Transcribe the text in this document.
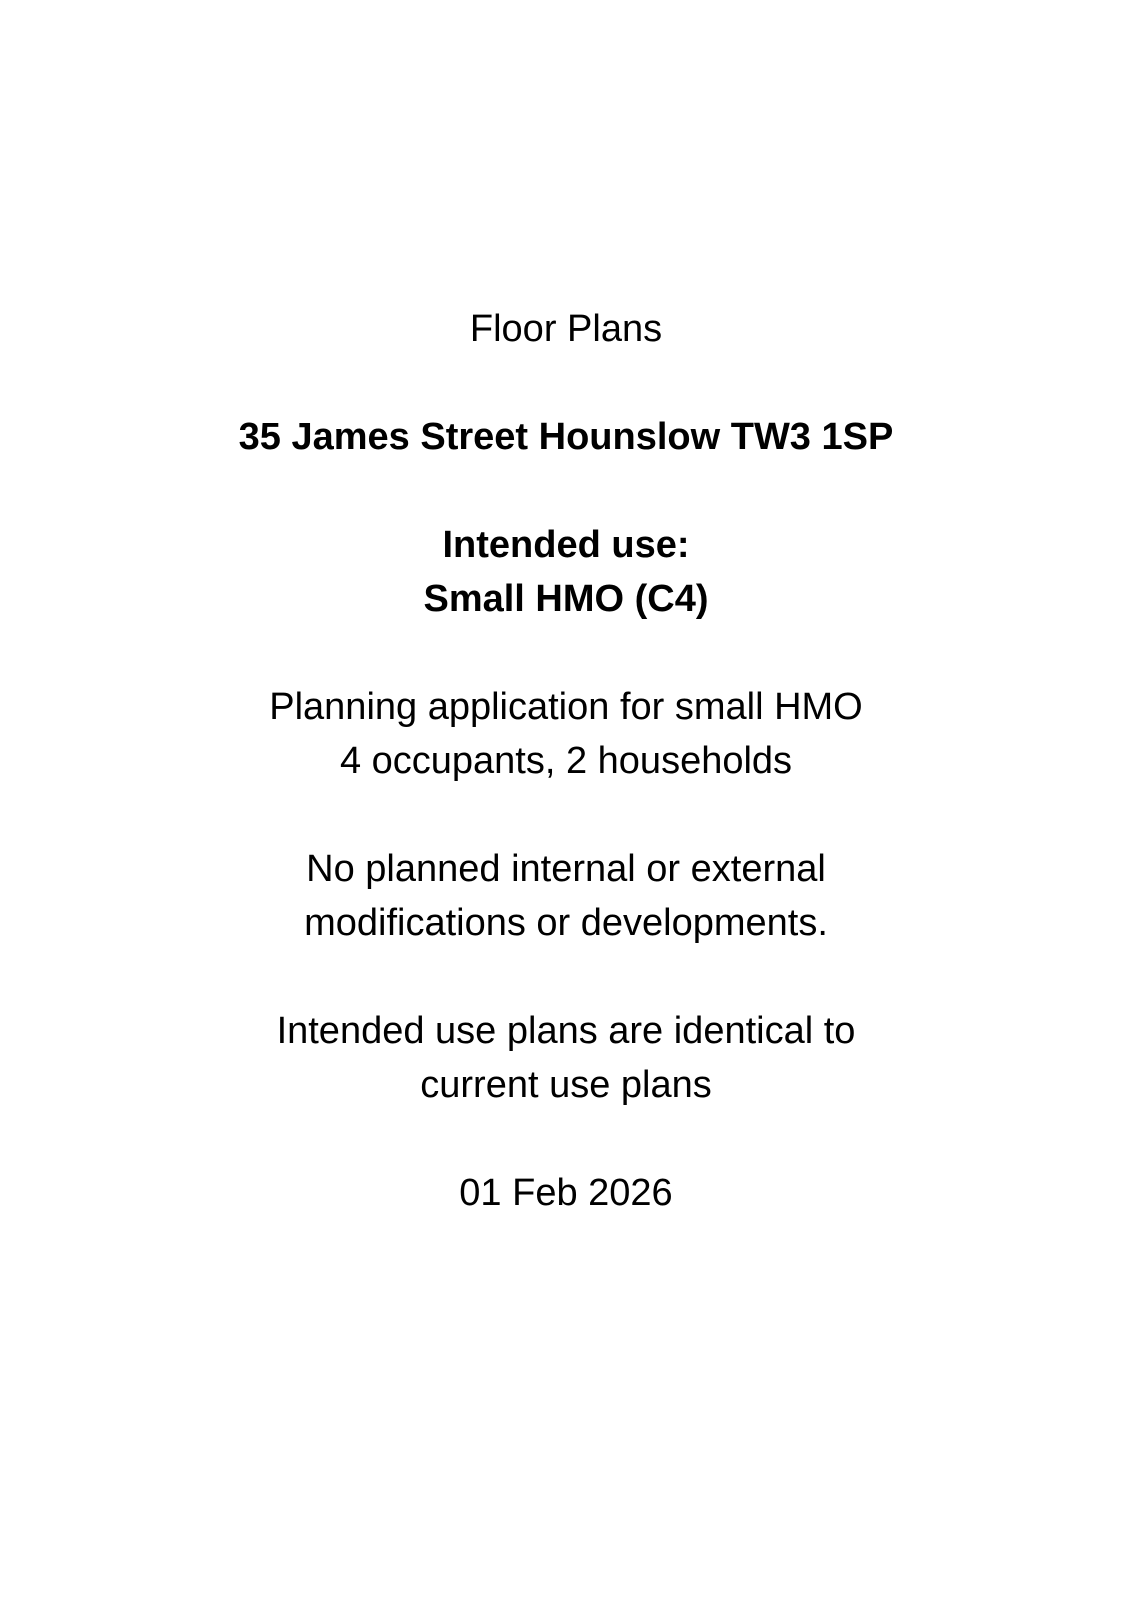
Floor Plans
35 James Street Hounslow TW3 1SP
Intended use:
Small HMO (C4)
Planning application for small HMO
4 occupants, 2 households
No planned internal or external
modifications or developments.
Intended use plans are identical to
current use plans
01 Feb 2026
